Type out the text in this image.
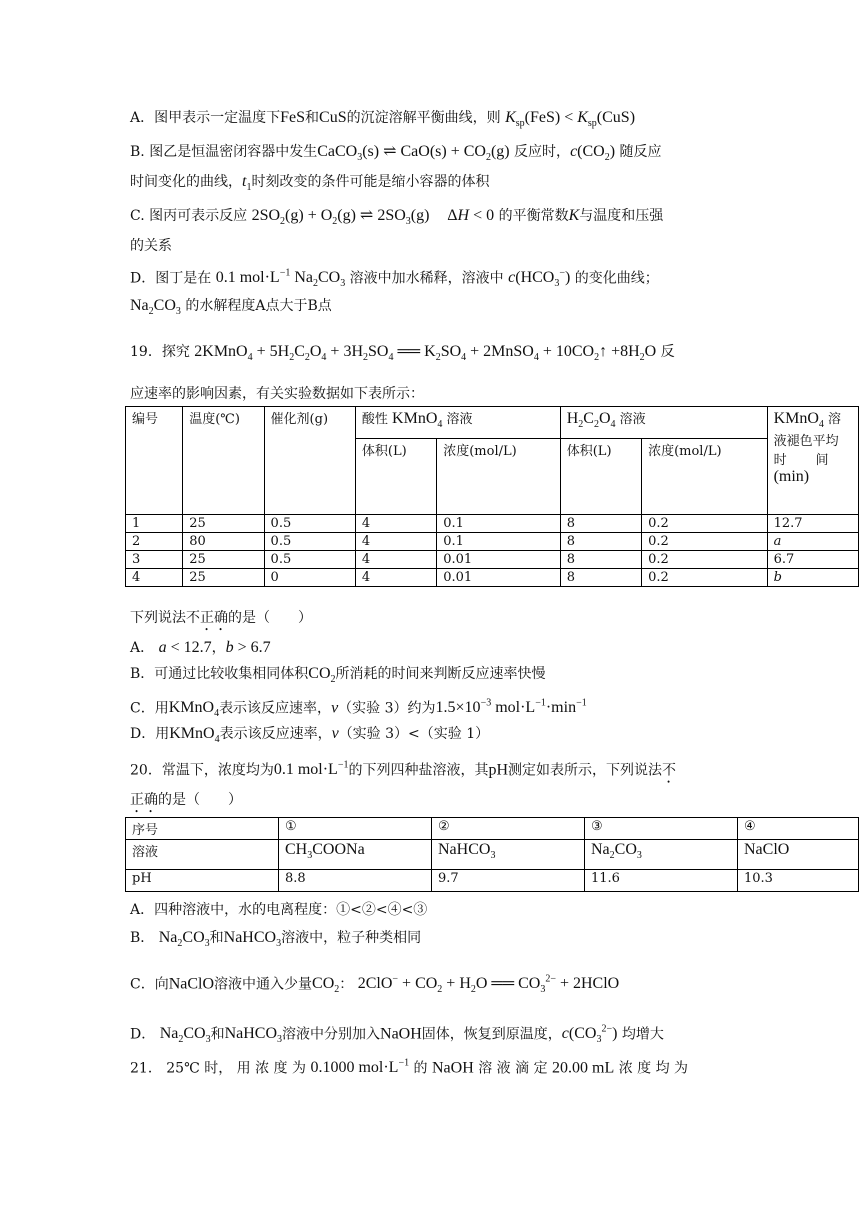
A．图甲表示一定温度下FeS和CuS的沉淀溶解平衡曲线，则 $K_{sp}(FeS) < K_{sp}(CuS)$
B. 图乙是恒温密闭容器中发生CaCO$_3$(s) ⇌ $CaO(s) + CO_2(g)$ 反应时，$c(CO_2)$ 随反应
时间变化的曲线，$t_1$时刻改变的条件可能是缩小容器的体积
C. 图丙可表示反应 $2SO_2(g) + O_2(g)$ ⇌ $2SO_3(g) \Delta H < 0$ 的平衡常数K与温度和压强
的关系
D．图丁是在 0.1 $mol\cdot L^{-1}$ $Na_2CO_3$ 溶液中加水稀释，溶液中 $c(HCO_3^-)$ 的变化曲线；
$Na_2CO_3$ 的水解程度A点大于B点
19．探究 2KMnO$_4$ + $5H_2C_2O_4 + 3H_2SO_4$ ══ $K_2SO_4$ + 2MnSO$_4$ + $10CO_2↑ +8H_2O$ 反
应速率的影响因素，有关实验数据如下表所示：
编号	温度(℃)	催化剂(g)	酸性 KMnO$_4$ 溶液		$H_2C_2O_4$ 溶液		KMnO$_4$ 溶液褪色平均时       间 (min)
			体积(L)	浓度(mol/L)	体积(L)	浓度(mol/L)	
1	25	0.5	4	0.1	8	0.2	12.7
2	80	0.5	4	0.1	8	0.2	a
3	25	0.5	4	0.01	8	0.2	6.7
4	25	0	4	0.01	8	0.2	b
下列说法不正确的是（　　）
A． a < 12.7，b > 6.7
B．可通过比较收集相同体积$CO_2$所消耗的时间来判断反应速率快慢
C．用KMnO$_4$表示该反应速率，v（实验 3）约为$1.5\times 10^{-3}$ $mol\cdot L^{-1}\cdot\min^{-1}$
D．用KMnO$_4$表示该反应速率，v（实验 3）<（实验 1）
20．常温下，浓度均为0.1 $mol\cdot L^{-1}$的下列四种盐溶液，其pH测定如表所示，下列说法不
正确的是（　　）
序号	①	②	③	④
溶液	$CH_3COONa$	NaHCO$_3$	$Na_2CO_3$	NaClO
pH	8.8	9.7	11.6	10.3
A．四种溶液中，水的电离程度：①<②<④<③
B． $Na_2CO_3$和NaHCO$_3$溶液中，粒子种类相同
C．向NaClO溶液中通入少量$CO_2$： $2ClO^- + CO_2 + H_2O$ ══ $CO_3^{2-}$ + 2HClO
D． $Na_2CO_3$和NaHCO$_3$溶液中分别加入NaOH固体，恢复到原温度，$c(CO_3^{2-})$ 均增大
21． 25℃ 时， 用 浓 度 为 0.1000 $mol\cdot L^{-1}$ 的 NaOH 溶 液 滴 定 20.00 mL 浓 度 均 为
